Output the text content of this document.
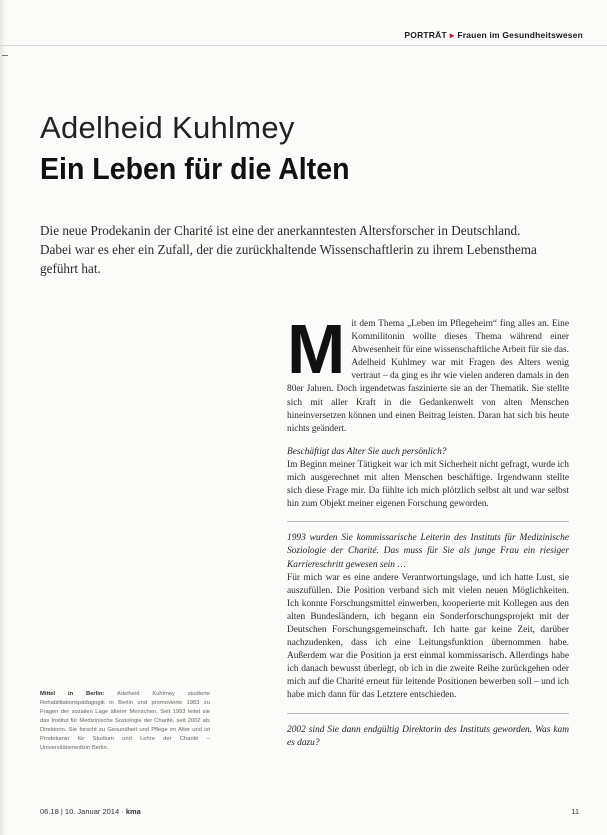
PORTRÄT ▸ Frauen im Gesundheitswesen
Adelheid Kuhlmey
Ein Leben für die Alten
Die neue Prodekanin der Charité ist eine der anerkanntesten Altersforscher in Deutschland. Dabei war es eher ein Zufall, der die zurückhaltende Wissenschaftlerin zu ihrem Lebensthema geführt hat.

Mit dem Thema „Leben im Pflegeheim“ fing alles an. Eine Kommilitonin wollte dieses Thema während einer Abwesenheit für eine wissenschaftliche Arbeit für sie das. Adelheid Kuhlmey war mit Fragen des Alters wenig vertraut – da ging es ihr wie vielen anderen damals in den 80er Jahren. Doch irgendetwas faszinierte sie an der Thematik. Sie stellte sich mit aller Kraft in die Gedankenwelt von alten Menschen hineinversetzen können und einen Beitrag leisten. Daran hat sich bis heute nichts geändert.

Beschäftigt das Alter Sie auch persönlich?

Im Beginn meiner Tätigkeit war ich mit Sicherheit nicht gefragt, wurde ich mich ausgerechnet mit alten Menschen beschäftige. Irgendwann stellte sich diese Frage mir. Da fühlte ich mich plötzlich selbst alt und war selbst hin zum Objekt meiner eigenen Forschung geworden.

1993 wurden Sie kommissarische Leiterin des Instituts für Medizinische Soziologie der Charité. Das muss für Sie als junge Frau ein riesiger Karriereschritt gewesen sein …

Für mich war es eine andere Verantwortungslage, und ich hatte Lust, sie auszufüllen. Die Position verband sich mit vielen neuen Möglichkeiten. Ich konnte Forschungsmittel einwerben, kooperierte mit Kollegen aus den alten Bundesländern, ich begann ein Sonderforschungsprojekt mit der Deutschen Forschungsgemeinschaft. Ich hatte gar keine Zeit, darüber nachzudenken, dass ich eine Leitungsfunktion übernommen habe. Außerdem war die Position ja erst einmal kommissarisch. Allerdings habe ich danach bewusst überlegt, ob ich in die zweite Reihe zurückgehen oder mich auf die Charité erneut für leitende Positionen bewerben soll – und ich habe mich dann für das Letztere entschieden.

2002 sind Sie dann endgültig Direktorin des Instituts geworden. Was kam es dazu?

Mittel in Berlin: Adelheid Kuhlmey studierte Rehabilitationspädagogik in Berlin und promovierte 1983 zu Fragen der sozialen Lage älterer Menschen. Seit 1993 leitet sie das Institut für Medizinische Soziologie der Charité, seit 2002 als Direktorin. Sie forscht zu Gesundheit und Pflege im Alter und ist Prodekanin für Studium und Lehre der Charité – Universitätsmedizin Berlin.
06.18 | 10. Januar 2014 · kma	11
